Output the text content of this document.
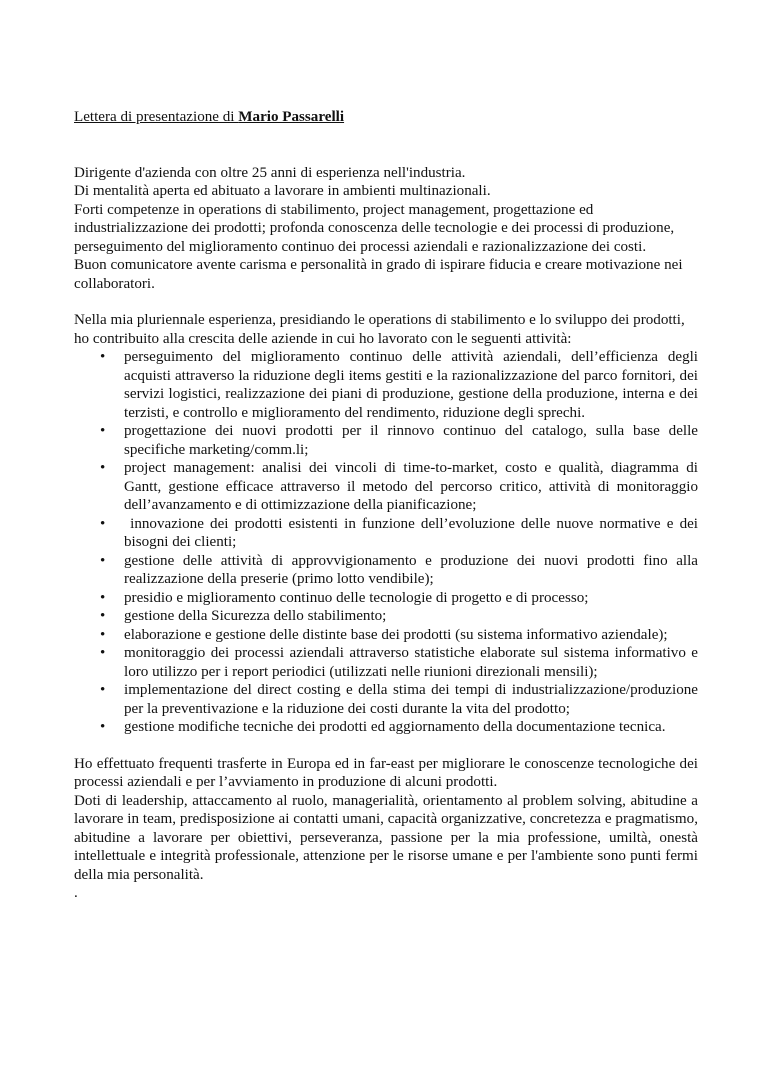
Lettera di presentazione di Mario Passarelli

Dirigente d'azienda con oltre 25 anni di esperienza nell'industria.

Di mentalità aperta ed abituato a lavorare in ambienti multinazionali.

Forti competenze in operations di stabilimento, project management, progettazione ed industrializzazione dei prodotti; profonda conoscenza delle tecnologie e dei processi di produzione, perseguimento del miglioramento continuo dei processi aziendali e razionalizzazione dei costi.

Buon comunicatore avente carisma e personalità in grado di ispirare fiducia e creare motivazione nei collaboratori.

Nella mia pluriennale esperienza, presidiando le operations di stabilimento e lo sviluppo dei prodotti, ho contribuito alla crescita delle aziende in cui ho lavorato con le seguenti attività:

• perseguimento del miglioramento continuo delle attività aziendali, dell’efficienza degli acquisti attraverso la riduzione degli items gestiti e la razionalizzazione del parco fornitori, dei servizi logistici, realizzazione dei piani di produzione, gestione della produzione, interna e dei terzisti, e controllo e miglioramento del rendimento, riduzione degli sprechi.
• progettazione dei nuovi prodotti per il rinnovo continuo del catalogo, sulla base delle specifiche marketing/comm.li;
• project management: analisi dei vincoli di time-to-market, costo e qualità, diagramma di Gantt, gestione efficace attraverso il metodo del percorso critico, attività di monitoraggio dell’avanzamento e di ottimizzazione della pianificazione;
• innovazione dei prodotti esistenti in funzione dell’evoluzione delle nuove normative e dei bisogni dei clienti;
• gestione delle attività di approvvigionamento e produzione dei nuovi prodotti fino alla realizzazione della preserie (primo lotto vendibile);
• presidio e miglioramento continuo delle tecnologie di progetto e di processo;
• gestione della Sicurezza dello stabilimento;
• elaborazione e gestione delle distinte base dei prodotti (su sistema informativo aziendale);
• monitoraggio dei processi aziendali attraverso statistiche elaborate sul sistema informativo e loro utilizzo per i report periodici (utilizzati nelle riunioni direzionali mensili);
• implementazione del direct costing e della stima dei tempi di industrializzazione/produzione per la preventivazione e la riduzione dei costi durante la vita del prodotto;
• gestione modifiche tecniche dei prodotti ed aggiornamento della documentazione tecnica.

Ho effettuato frequenti trasferte in Europa ed in far-east per migliorare le conoscenze tecnologiche dei processi aziendali e per l’avviamento in produzione di alcuni prodotti.

Doti di leadership, attaccamento al ruolo, managerialità, orientamento al problem solving, abitudine a lavorare in team, predisposizione ai contatti umani, capacità organizzative, concretezza e pragmatismo, abitudine a lavorare per obiettivi, perseveranza, passione per la mia professione, umiltà, onestà intellettuale e integrità professionale, attenzione per le risorse umane e per l'ambiente sono punti fermi della mia personalità.

.
